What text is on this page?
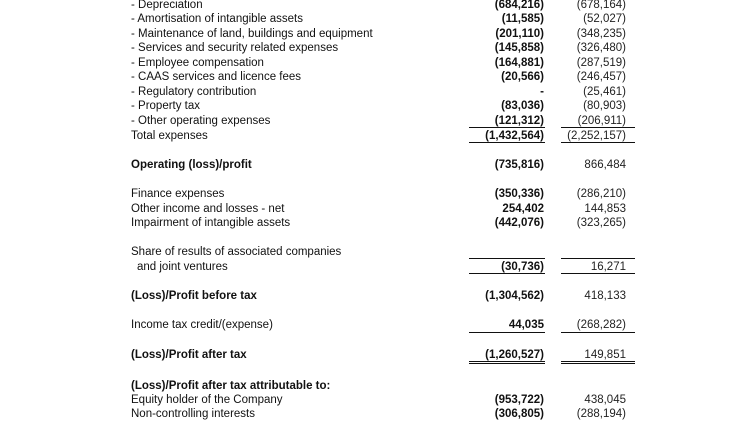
- Depreciation	(684,216)	(678,164)
- Amortisation of intangible assets	(11,585)	(52,027)
- Maintenance of land, buildings and equipment	(201,110)	(348,235)
- Services and security related expenses	(145,858)	(326,480)
- Employee compensation	(164,881)	(287,519)
- CAAS services and licence fees	(20,566)	(246,457)
- Regulatory contribution	-	(25,461)
- Property tax	(83,036)	(80,903)
- Other operating expenses	(121,312)	(206,911)
Total expenses	(1,432,564) (2,252,157)
Operating (loss)/profit	(735,816)	866,484
Finance expenses	(350,336)	(286,210)
Other income and losses - net	254,402	144,853
Impairment of intangible assets	(442,076)	(323,265)
Share of results of associated companies
and joint ventures	(30,736)	16,271
(Loss)/Profit before tax	(1,304,562)	418,133
Income tax credit/(expense)	44,035	(268,282)
(Loss)/Profit after tax	(1,260,527)	149,851
(Loss)/Profit after tax attributable to:
Equity holder of the Company	(953,722)	438,045
Non-controlling interests	(306,805)	(288,194)
